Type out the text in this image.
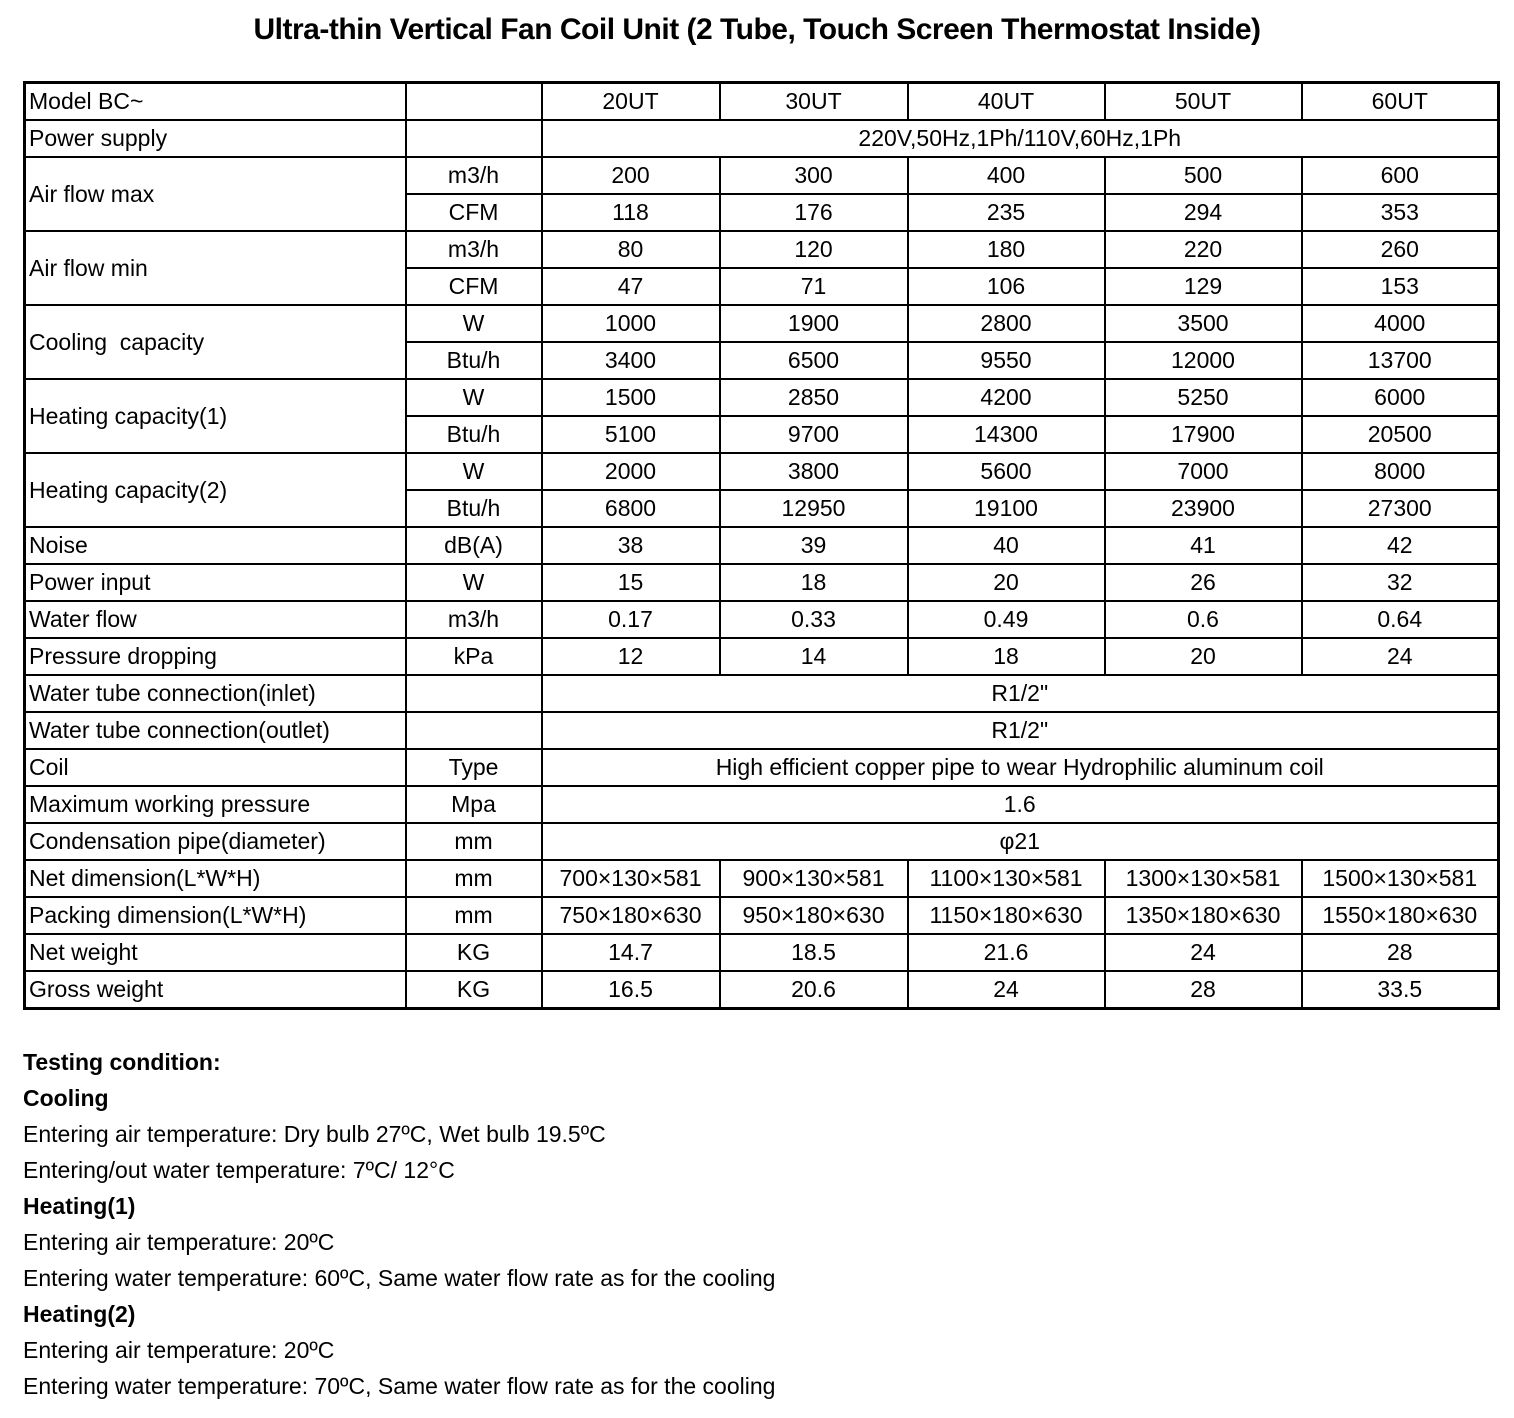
Ultra-thin Vertical Fan Coil Unit (2 Tube, Touch Screen Thermostat Inside)
Model BC~		20UT	30UT	40UT	50UT	60UT
Power supply		220V,50Hz,1Ph/110V,60Hz,1Ph				
Air flow max	m3/h	200	300	400	500	600
	CFM	118	176	235	294	353
Air flow min	m3/h	80	120	180	220	260
	CFM	47	71	106	129	153
Cooling  capacity	W	1000	1900	2800	3500	4000
	Btu/h	3400	6500	9550	12000	13700
Heating capacity(1)	W	1500	2850	4200	5250	6000
	Btu/h	5100	9700	14300	17900	20500
Heating capacity(2)	W	2000	3800	5600	7000	8000
	Btu/h	6800	12950	19100	23900	27300
Noise	dB(A)	38	39	40	41	42
Power input	W	15	18	20	26	32
Water flow	m3/h	0.17	0.33	0.49	0.6	0.64
Pressure dropping	kPa	12	14	18	20	24
Water tube connection(inlet)		R1/2"				
Water tube connection(outlet)		R1/2"				
Coil	Type	High efficient copper pipe to wear Hydrophilic aluminum coil				
Maximum working pressure	Mpa	1.6				
Condensation pipe(diameter)	mm	φ21				
Net dimension(L*W*H)	mm	700×130×581	900×130×581	1100×130×581	1300×130×581	1500×130×581
Packing dimension(L*W*H)	mm	750×180×630	950×180×630	1150×180×630	1350×180×630	1550×180×630
Net weight	KG	14.7	18.5	21.6	24	28
Gross weight	KG	16.5	20.6	24	28	33.5
Testing condition:
Cooling
Entering air temperature: Dry bulb 27ºC, Wet bulb 19.5ºC
Entering/out water temperature: 7ºC/ 12°C
Heating(1)
Entering air temperature: 20ºC
Entering water temperature: 60ºC, Same water flow rate as for the cooling
Heating(2)
Entering air temperature: 20ºC
Entering water temperature: 70ºC, Same water flow rate as for the cooling
